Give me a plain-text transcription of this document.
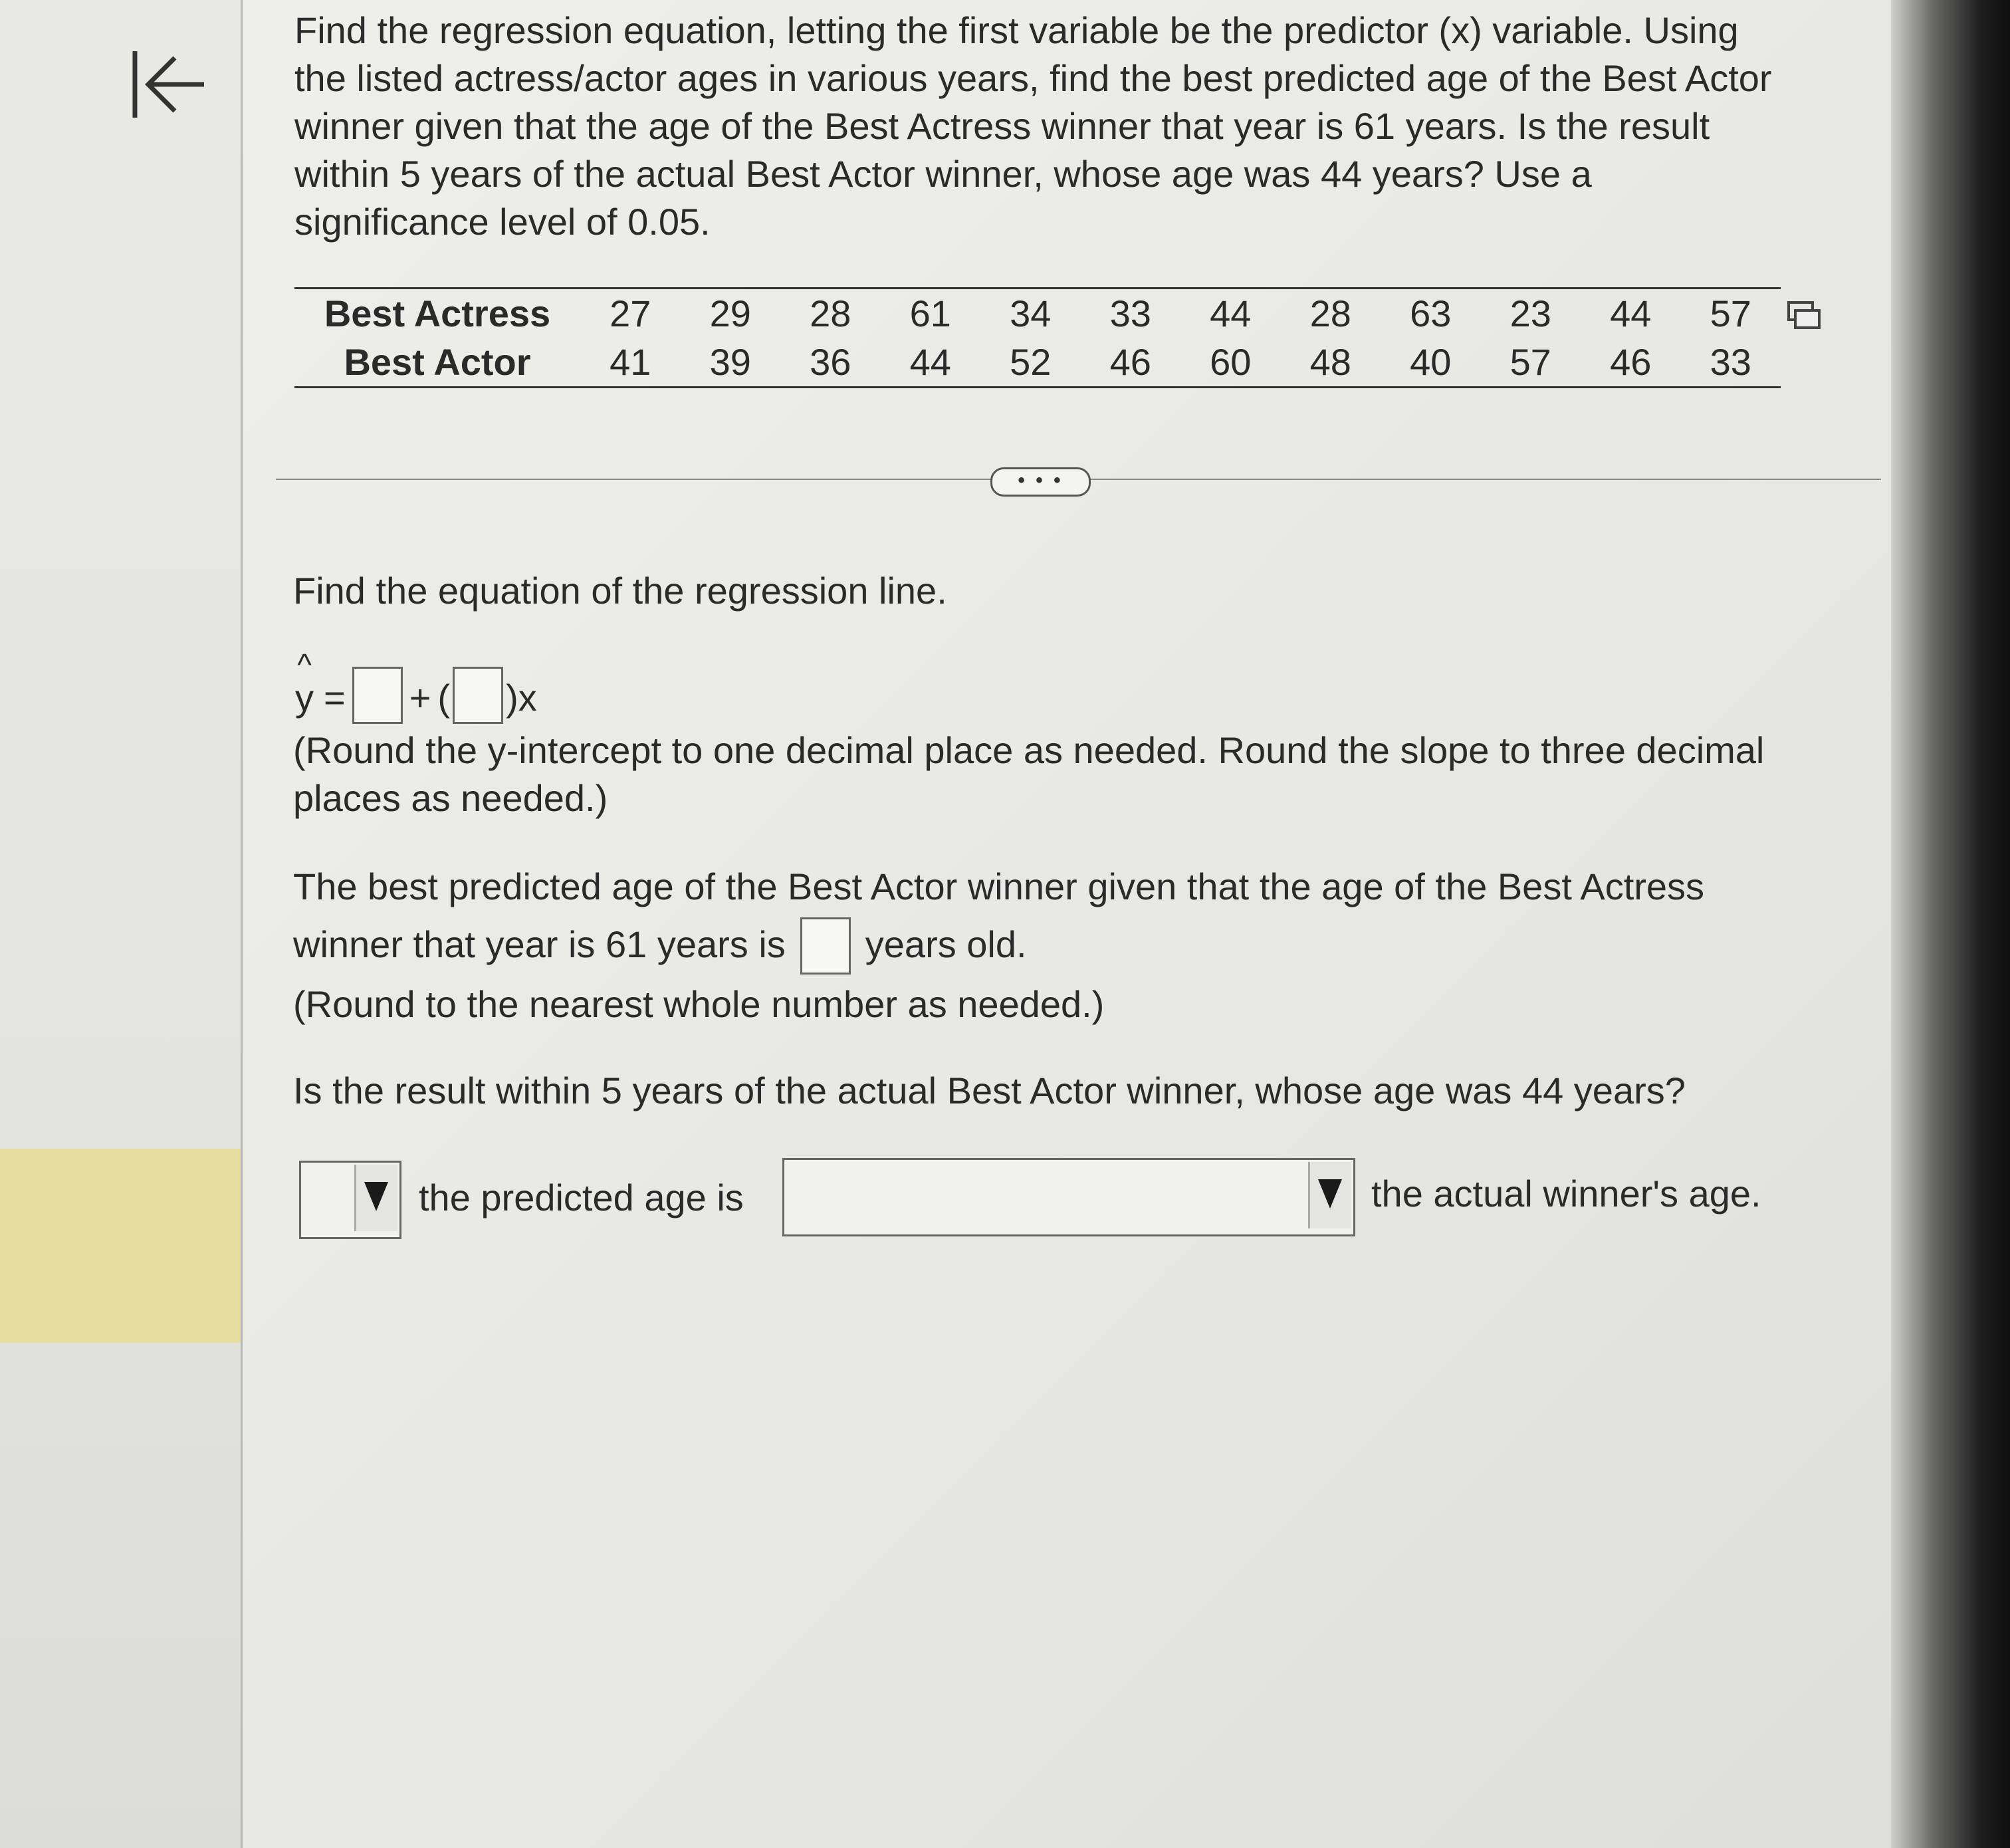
Find the regression equation, letting the first variable be the predictor (x) variable. Using
the listed actress/actor ages in various years, find the best predicted age of the Best Actor
winner given that the age of the Best Actress winner that year is 61 years. Is the result
within 5 years of the actual Best Actor winner, whose age was 44 years? Use a
significance level of 0.05.
Best Actress	27	29	28	61	34	33	44	28	63	23	44	57
Best Actor	41	39	36	44	52	46	60	48	40	57	46	33
• • •
Find the equation of the regression line.
^
y = + ( )x
(Round the y-intercept to one decimal place as needed. Round the slope to three decimal
places as needed.)
The best predicted age of the Best Actor winner given that the age of the Best Actress
winner that year is 61 years is years old.
(Round to the nearest whole number as needed.)
Is the result within 5 years of the actual Best Actor winner, whose age was 44 years?
the predicted age is	the actual winner's age.
